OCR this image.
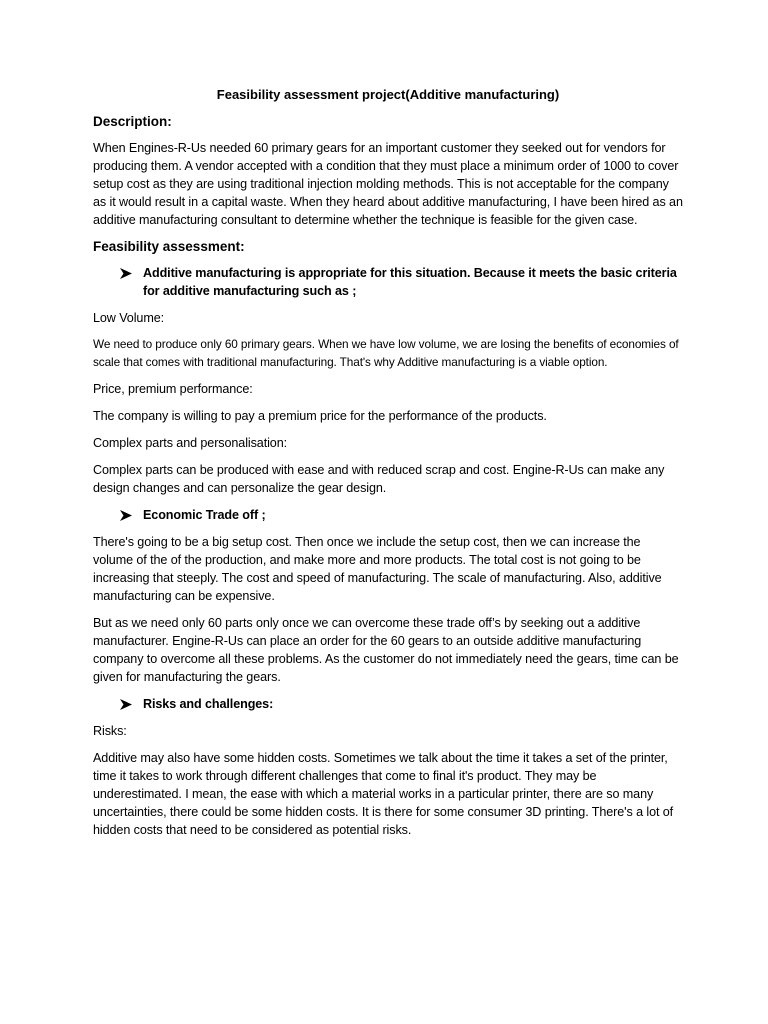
Feasibility assessment project(Additive manufacturing)
Description:

When Engines-R-Us needed 60 primary gears for an important customer they seeked out for vendors for producing them. A vendor accepted with a condition that they must place a minimum order of 1000 to cover setup cost as they are using traditional injection molding methods. This is not acceptable for the company as it would result in a capital waste. When they heard about additive manufacturing, I have been hired as an additive manufacturing consultant to determine whether the technique is feasible for the given case.

Feasibility assessment:
Additive manufacturing is appropriate for this situation. Because it meets the basic criteria for additive manufacturing such as ;

Low Volume:

We need to produce only 60 primary gears. When we have low volume, we are losing the benefits of economies of scale that comes with traditional manufacturing. That's why Additive manufacturing is a viable option.

Price, premium performance:

The company is willing to pay a premium price for the performance of the products.

Complex parts and personalisation:

Complex parts can be produced with ease and with reduced scrap and cost. Engine-R-Us can make any design changes and can personalize the gear design.

Economic Trade off ;

There's going to be a big setup cost. Then once we include the setup cost, then we can increase the volume of the of the production, and make more and more products. The total cost is not going to be increasing that steeply. The cost and speed of manufacturing. The scale of manufacturing. Also, additive manufacturing can be expensive.

But as we need only 60 parts only once we can overcome these trade off’s by seeking out a additive manufacturer. Engine-R-Us can place an order for the 60 gears to an outside additive manufacturing company to overcome all these problems. As the customer do not immediately need the gears, time can be given for manufacturing the gears.

Risks and challenges:

Risks:

Additive may also have some hidden costs. Sometimes we talk about the time it takes a set of the printer, time it takes to work through different challenges that come to final it's product. They may be underestimated. I mean, the ease with which a material works in a particular printer, there are so many uncertainties, there could be some hidden costs. It is there for some consumer 3D printing. There's a lot of hidden costs that need to be considered as potential risks.
